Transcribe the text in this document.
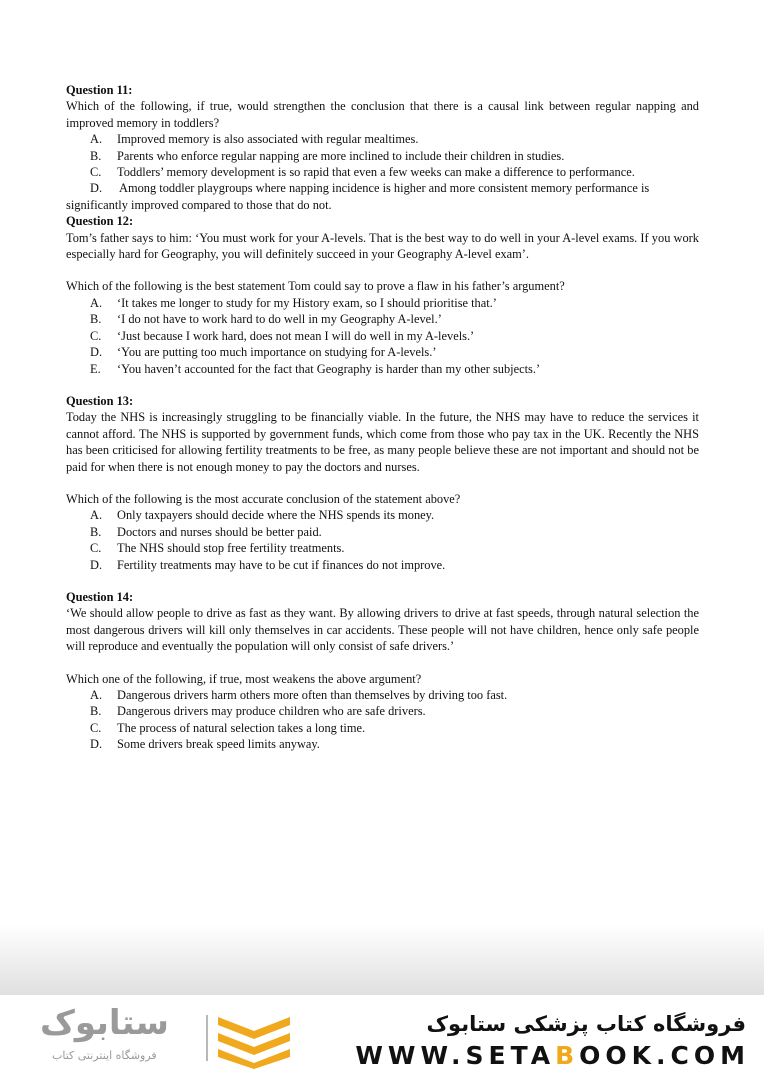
Question 11:
Which of the following, if true, would strengthen the conclusion that there is a causal link between regular napping and improved memory in toddlers?
A.	Improved memory is also associated with regular mealtimes.
B.	Parents who enforce regular napping are more inclined to include their children in studies.
C.	Toddlers’ memory development is so rapid that even a few weeks can make a difference to performance.
D. Among toddler playgroups where napping incidence is higher and more consistent memory performance is significantly improved compared to those that do not.
Question 12:
Tom’s father says to him: ‘You must work for your A-levels. That is the best way to do well in your A-level exams. If you work especially hard for Geography, you will definitely succeed in your Geography A-level exam’.
Which of the following is the best statement Tom could say to prove a flaw in his father’s argument?
A.	‘It takes me longer to study for my History exam, so I should prioritise that.’
B.	‘I do not have to work hard to do well in my Geography A-level.’
C.	‘Just because I work hard, does not mean I will do well in my A-levels.’
D.	‘You are putting too much importance on studying for A-levels.’
E.	‘You haven’t accounted for the fact that Geography is harder than my other subjects.’
Question 13:
Today the NHS is increasingly struggling to be financially viable. In the future, the NHS may have to reduce the services it cannot afford. The NHS is supported by government funds, which come from those who pay tax in the UK. Recently the NHS has been criticised for allowing fertility treatments to be free, as many people believe these are not important and should not be paid for when there is not enough money to pay the doctors and nurses.
Which of the following is the most accurate conclusion of the statement above?
A.	Only taxpayers should decide where the NHS spends its money.
B.	Doctors and nurses should be better paid.
C.	The NHS should stop free fertility treatments.
D.	Fertility treatments may have to be cut if finances do not improve.
Question 14:
‘We should allow people to drive as fast as they want. By allowing drivers to drive at fast speeds, through natural selection the most dangerous drivers will kill only themselves in car accidents. These people will not have children, hence only safe people will reproduce and eventually the population will only consist of safe drivers.’
Which one of the following, if true, most weakens the above argument?
A.	Dangerous drivers harm others more often than themselves by driving too fast.
B.	Dangerous drivers may produce children who are safe drivers.
C.	The process of natural selection takes a long time.
D.	Some drivers break speed limits anyway.
ستابوک
فروشگاه اینترنتی کتاب
فروشگاه کتاب پزشکی ستابوک
WWW.SETABOOK.COM
